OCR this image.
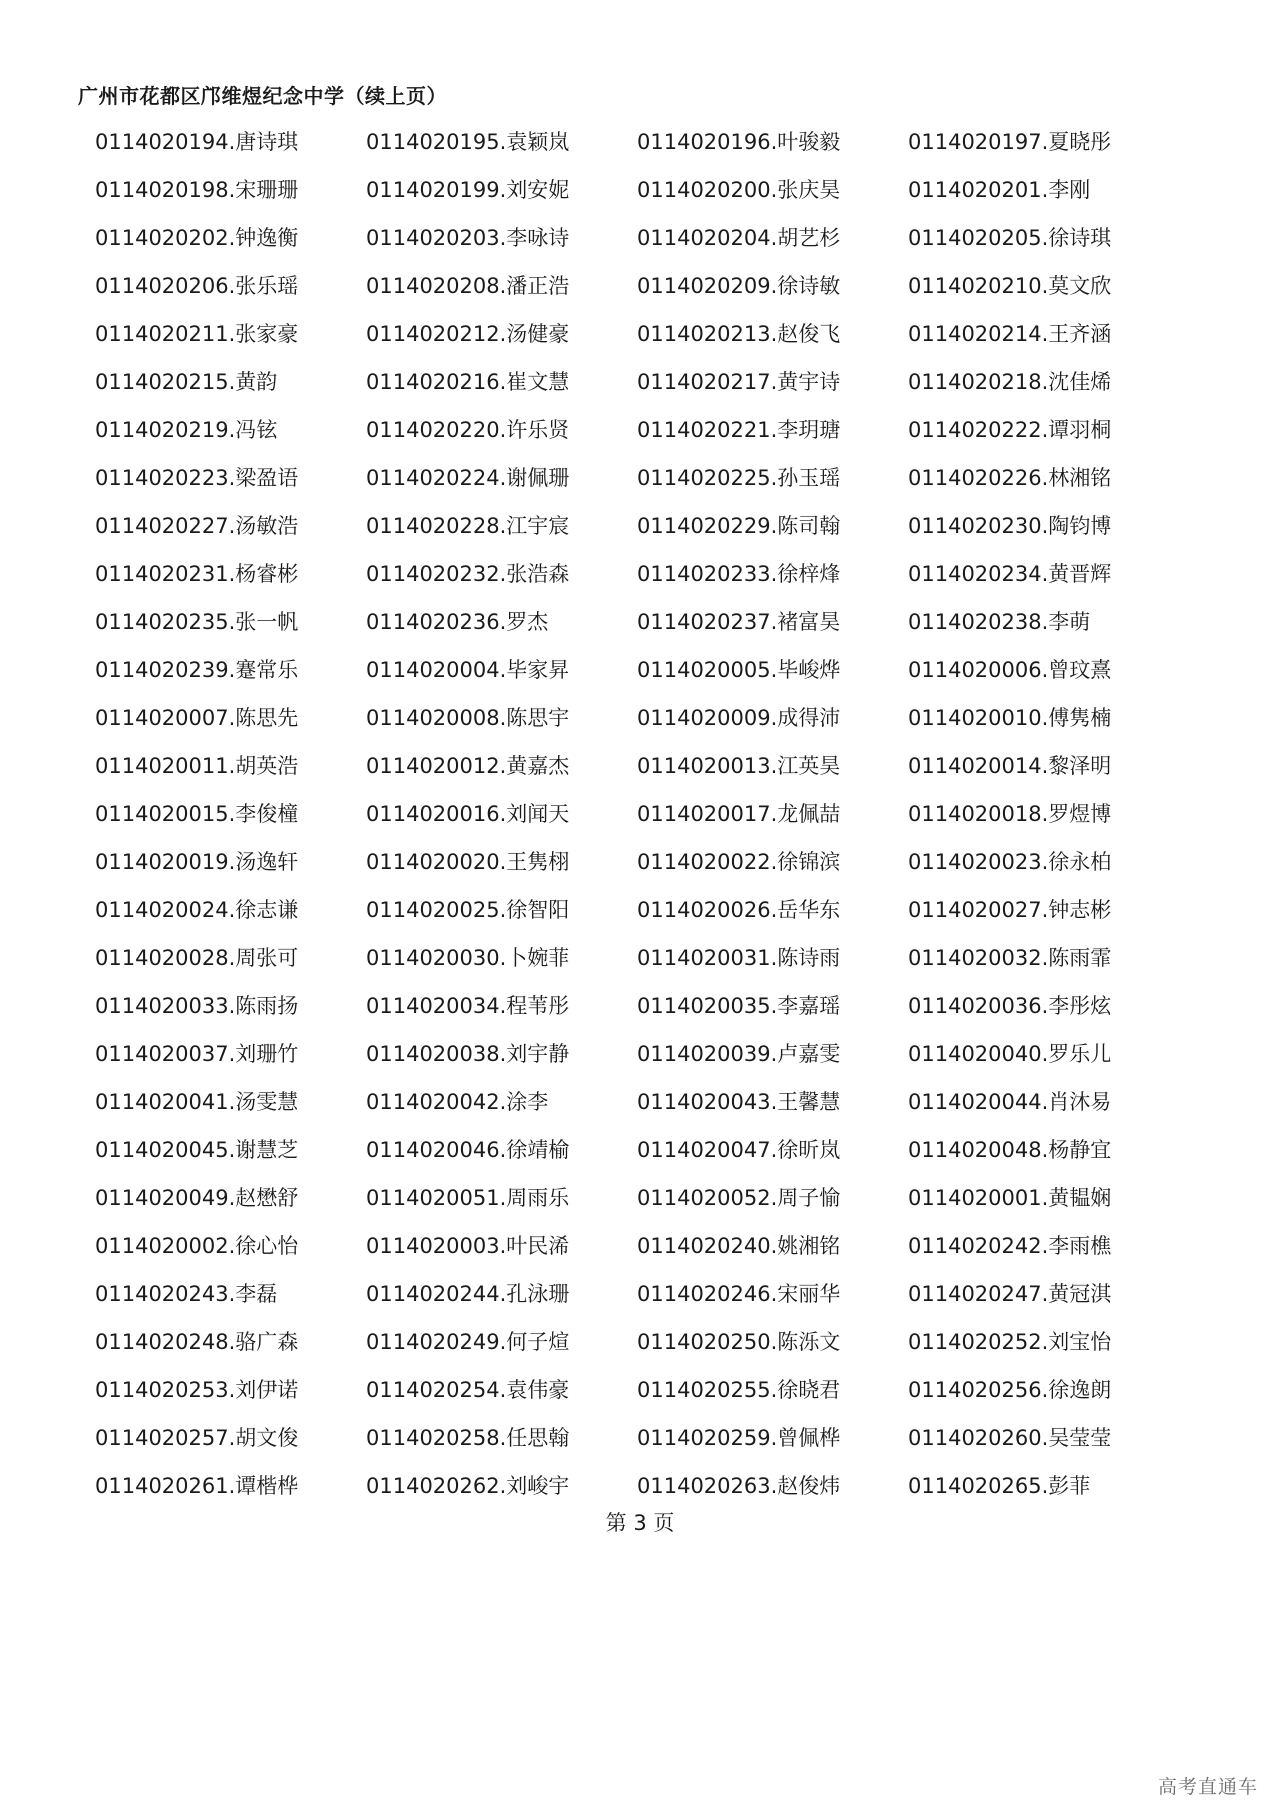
广州市花都区邝维煜纪念中学（续上页）
0114020194.唐诗琪	0114020195.袁颖岚	0114020196.叶骏毅	0114020197.夏晓彤
0114020198.宋珊珊	0114020199.刘安妮	0114020200.张庆昊	0114020201.李刚
0114020202.钟逸衡	0114020203.李咏诗	0114020204.胡艺杉	0114020205.徐诗琪
0114020206.张乐瑶	0114020208.潘正浩	0114020209.徐诗敏	0114020210.莫文欣
0114020211.张家豪	0114020212.汤健豪	0114020213.赵俊飞	0114020214.王齐涵
0114020215.黄韵	0114020216.崔文慧	0114020217.黄宇诗	0114020218.沈佳烯
0114020219.冯铉	0114020220.许乐贤	0114020221.李玥瑭	0114020222.谭羽桐
0114020223.梁盈语	0114020224.谢佩珊	0114020225.孙玉瑶	0114020226.林湘铭
0114020227.汤敏浩	0114020228.江宇宸	0114020229.陈司翰	0114020230.陶钧博
0114020231.杨睿彬	0114020232.张浩森	0114020233.徐梓烽	0114020234.黄晋辉
0114020235.张一帆	0114020236.罗杰	0114020237.褚富昊	0114020238.李萌
0114020239.蹇常乐	0114020004.毕家昇	0114020005.毕峻烨	0114020006.曾玟熹
0114020007.陈思先	0114020008.陈思宇	0114020009.成得沛	0114020010.傅隽楠
0114020011.胡英浩	0114020012.黄嘉杰	0114020013.江英昊	0114020014.黎泽明
0114020015.李俊橦	0114020016.刘闻天	0114020017.龙佩喆	0114020018.罗煜博
0114020019.汤逸轩	0114020020.王隽栩	0114020022.徐锦滨	0114020023.徐永柏
0114020024.徐志谦	0114020025.徐智阳	0114020026.岳华东	0114020027.钟志彬
0114020028.周张可	0114020030.卜婉菲	0114020031.陈诗雨	0114020032.陈雨霏
0114020033.陈雨扬	0114020034.程苇彤	0114020035.李嘉瑶	0114020036.李彤炫
0114020037.刘珊竹	0114020038.刘宇静	0114020039.卢嘉雯	0114020040.罗乐儿
0114020041.汤雯慧	0114020042.涂李	0114020043.王馨慧	0114020044.肖沐易
0114020045.谢慧芝	0114020046.徐靖榆	0114020047.徐昕岚	0114020048.杨静宜
0114020049.赵懋舒	0114020051.周雨乐	0114020052.周子愉	0114020001.黄韫娴
0114020002.徐心怡	0114020003.叶民浠	0114020240.姚湘铭	0114020242.李雨樵
0114020243.李磊	0114020244.孔泳珊	0114020246.宋丽华	0114020247.黄冠淇
0114020248.骆广森	0114020249.何子煊	0114020250.陈泺文	0114020252.刘宝怡
0114020253.刘伊诺	0114020254.袁伟豪	0114020255.徐晓君	0114020256.徐逸朗
0114020257.胡文俊	0114020258.任思翰	0114020259.曾佩桦	0114020260.吴莹莹
0114020261.谭楷桦	0114020262.刘峻宇	0114020263.赵俊炜	0114020265.彭菲
第 3 页
高考直通车
